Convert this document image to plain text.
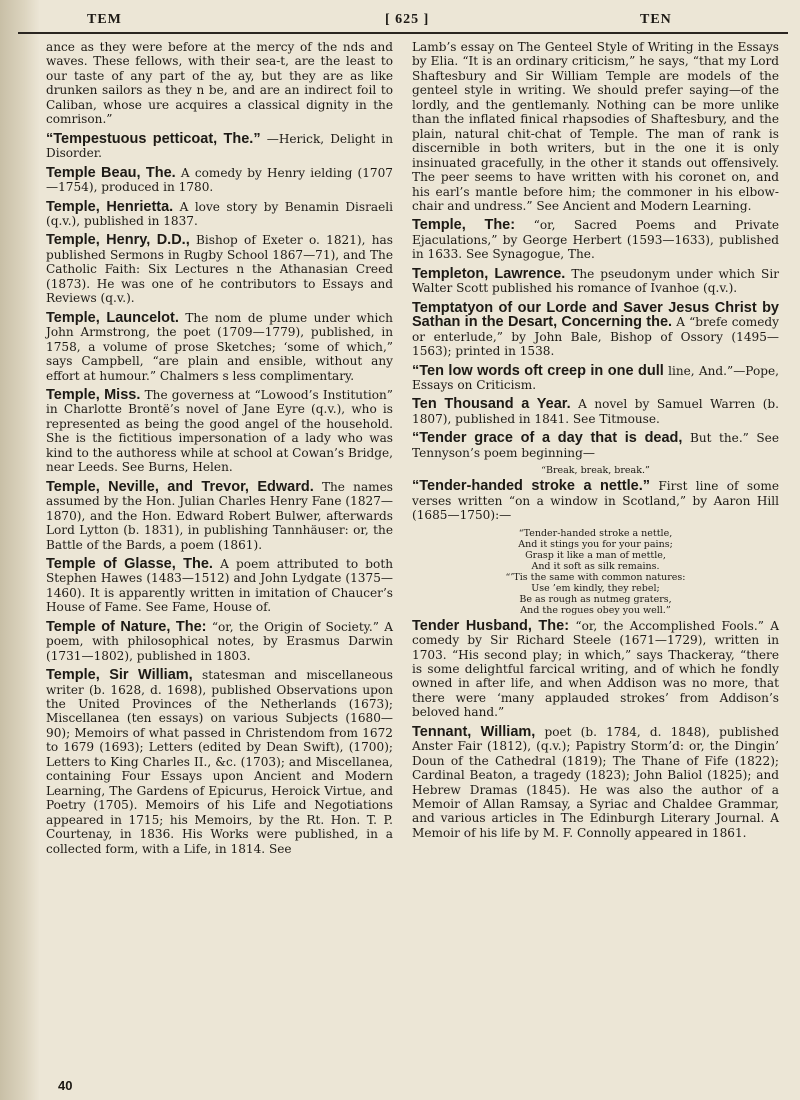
TEM	[ 625 ]	TEN

ance as they were before at the mercy of the nds and waves. These fellows, with their sea-t, are the least to our taste of any part of the ay, but they are as like drunken sailors as they n be, and are an indirect foil to Caliban, whose ure acquires a classical dignity in the comrison.”

“Tempestuous petticoat, The.” —Herick, Delight in Disorder.

Temple Beau, The. A comedy by Henry ielding (1707—1754), produced in 1780.

Temple, Henrietta. A love story by Benamin Disraeli (q.v.), published in 1837.

Temple, Henry, D.D., Bishop of Exeter o. 1821), has published Sermons in Rugby School 1867—71), and The Catholic Faith: Six Lectures n the Athanasian Creed (1873). He was one of he contributors to Essays and Reviews (q.v.).

Temple, Launcelot. The nom de plume under which John Armstrong, the poet (1709—1779), published, in 1758, a volume of prose Sketches; ‘some of which,” says Campbell, “are plain and ensible, without any effort at humour.” Chalmers s less complimentary.

Temple, Miss. The governess at “Lowood’s Institution” in Charlotte Brontë’s novel of Jane Eyre (q.v.), who is represented as being the good angel of the household. She is the fictitious impersonation of a lady who was kind to the authoress while at school at Cowan’s Bridge, near Leeds. See Burns, Helen.

Temple, Neville, and Trevor, Edward. The names assumed by the Hon. Julian Charles Henry Fane (1827—1870), and the Hon. Edward Robert Bulwer, afterwards Lord Lytton (b. 1831), in publishing Tannhäuser: or, the Battle of the Bards, a poem (1861).

Temple of Glasse, The. A poem attributed to both Stephen Hawes (1483—1512) and John Lydgate (1375—1460). It is apparently written in imitation of Chaucer’s House of Fame. See Fame, House of.

Temple of Nature, The: “or, the Origin of Society.” A poem, with philosophical notes, by Erasmus Darwin (1731—1802), published in 1803.

Temple, Sir William, statesman and miscellaneous writer (b. 1628, d. 1698), published Observations upon the United Provinces of the Netherlands (1673); Miscellanea (ten essays) on various Subjects (1680—90); Memoirs of what passed in Christendom from 1672 to 1679 (1693); Letters (edited by Dean Swift), (1700); Letters to King Charles II., &c. (1703); and Miscellanea, containing Four Essays upon Ancient and Modern Learning, The Gardens of Epicurus, Heroick Virtue, and Poetry (1705). Memoirs of his Life and Negotiations appeared in 1715; his Memoirs, by the Rt. Hon. T. P. Courtenay, in 1836. His Works were published, in a collected form, with a Life, in 1814. See

Lamb’s essay on The Genteel Style of Writing in the Essays by Elia. “It is an ordinary criticism,” he says, “that my Lord Shaftesbury and Sir William Temple are models of the genteel style in writing. We should prefer saying—of the lordly, and the gentlemanly. Nothing can be more unlike than the inflated finical rhapsodies of Shaftesbury, and the plain, natural chit-chat of Temple. The man of rank is discernible in both writers, but in the one it is only insinuated gracefully, in the other it stands out offensively. The peer seems to have written with his coronet on, and his earl’s mantle before him; the commoner in his elbow-chair and undress.” See Ancient and Modern Learning.

Temple, The: “or, Sacred Poems and Private Ejaculations,” by George Herbert (1593—1633), published in 1633. See Synagogue, The.

Templeton, Lawrence. The pseudonym under which Sir Walter Scott published his romance of Ivanhoe (q.v.).

Temptatyon of our Lorde and Saver Jesus Christ by Sathan in the Desart, Concerning the. A “brefe comedy or enterlude,” by John Bale, Bishop of Ossory (1495—1563); printed in 1538.

“Ten low words oft creep in one dull line, And.”—Pope, Essays on Criticism.

Ten Thousand a Year. A novel by Samuel Warren (b. 1807), published in 1841. See Titmouse.

“Tender grace of a day that is dead, But the.” See Tennyson’s poem beginning—

“Break, break, break.”

“Tender-handed stroke a nettle.” First line of some verses written “on a window in Scotland,” by Aaron Hill (1685—1750):—

“Tender-handed stroke a nettle,
And it stings you for your pains;
Grasp it like a man of mettle,
And it soft as silk remains.
“’Tis the same with common natures:
Use ’em kindly, they rebel;
Be as rough as nutmeg graters,
And the rogues obey you well.”

Tender Husband, The: “or, the Accomplished Fools.” A comedy by Sir Richard Steele (1671—1729), written in 1703. “His second play; in which,” says Thackeray, “there is some delightful farcical writing, and of which he fondly owned in after life, and when Addison was no more, that there were ‘many applauded strokes’ from Addison’s beloved hand.”

Tennant, William, poet (b. 1784, d. 1848), published Anster Fair (1812), (q.v.); Papistry Storm’d: or, the Dingin’ Doun of the Cathedral (1819); The Thane of Fife (1822); Cardinal Beaton, a tragedy (1823); John Baliol (1825); and Hebrew Dramas (1845). He was also the author of a Memoir of Allan Ramsay, a Syriac and Chaldee Grammar, and various articles in The Edinburgh Literary Journal. A Memoir of his life by M. F. Connolly appeared in 1861.

40
